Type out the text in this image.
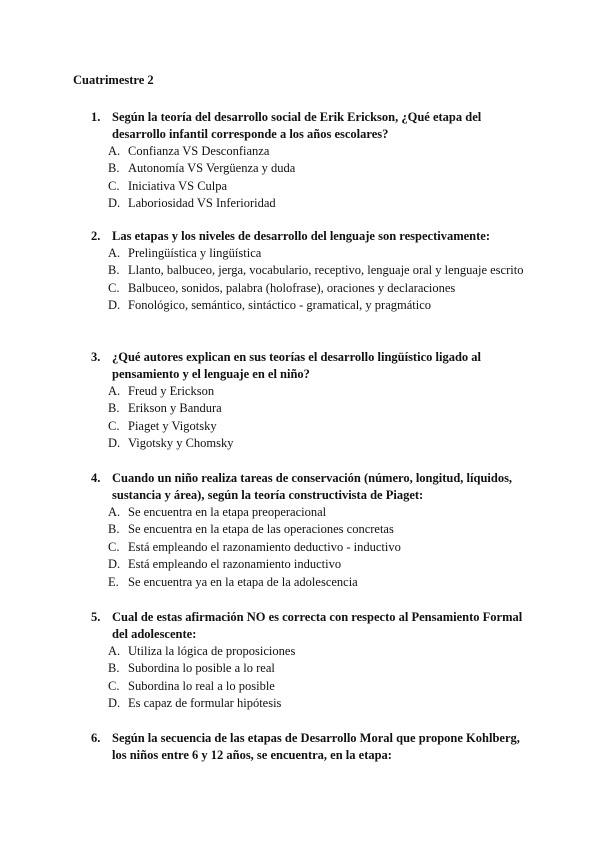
Cuatrimestre 2
1. Según la teoría del desarrollo social de Erik Erickson, ¿Qué etapa del desarrollo infantil corresponde a los años escolares?
A. Confianza VS Desconfianza
B. Autonomía VS Vergüenza y duda
C. Iniciativa VS Culpa
D. Laboriosidad VS Inferioridad
2. Las etapas y los niveles de desarrollo del lenguaje son respectivamente:
A. Prelingüística y lingüística
B. Llanto, balbuceo, jerga, vocabulario, receptivo, lenguaje oral y lenguaje escrito
C. Balbuceo, sonidos, palabra (holofrase), oraciones y declaraciones
D. Fonológico, semántico, sintáctico - gramatical, y pragmático
3. ¿Qué autores explican en sus teorías el desarrollo lingüístico ligado al pensamiento y el lenguaje en el niño?
A. Freud y Erickson
B. Erikson y Bandura
C. Piaget y Vigotsky
D. Vigotsky y Chomsky
4. Cuando un niño realiza tareas de conservación (número, longitud, líquidos, sustancia y área), según la teoría constructivista de Piaget:
A. Se encuentra en la etapa preoperacional
B. Se encuentra en la etapa de las operaciones concretas
C. Está empleando el razonamiento deductivo - inductivo
D. Está empleando el razonamiento inductivo
E. Se encuentra ya en la etapa de la adolescencia
5. Cual de estas afirmación NO es correcta con respecto al Pensamiento Formal del adolescente:
A. Utiliza la lógica de proposiciones
B. Subordina lo posible a lo real
C. Subordina lo real a lo posible
D. Es capaz de formular hipótesis
6. Según la secuencia de las etapas de Desarrollo Moral que propone Kohlberg, los niños entre 6 y 12 años, se encuentra, en la etapa:
